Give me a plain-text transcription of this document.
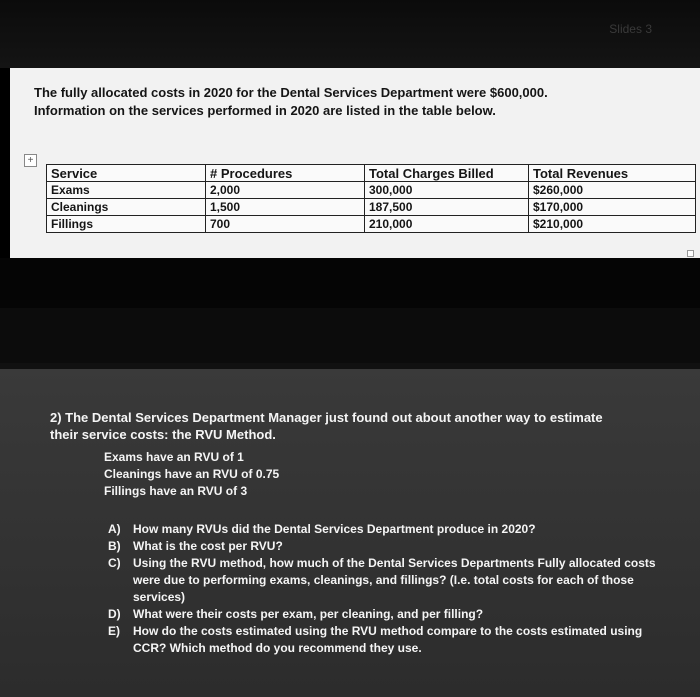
Slides 3
The fully allocated costs in 2020 for the Dental Services Department were $600,000.
Information on the services performed in 2020 are listed in the table below.
+
Service	# Procedures	Total Charges Billed	Total Revenues
Exams	2,000	300,000	$260,000
Cleanings	1,500	187,500	$170,000
Fillings	700	210,000	$210,000
2) The Dental Services Department Manager just found out about another way to estimate
their service costs: the RVU Method.
Exams have an RVU of 1
Cleanings have an RVU of 0.75
Fillings have an RVU of 3
A)	How many RVUs did the Dental Services Department produce in 2020?
B)	What is the cost per RVU?
C)	Using the RVU method, how much of the Dental Services Departments Fully allocated costs were due to performing exams, cleanings, and fillings? (I.e. total costs for each of those services)
D)	What were their costs per exam, per cleaning, and per filling?
E)	How do the costs estimated using the RVU method compare to the costs estimated using CCR? Which method do you recommend they use.
